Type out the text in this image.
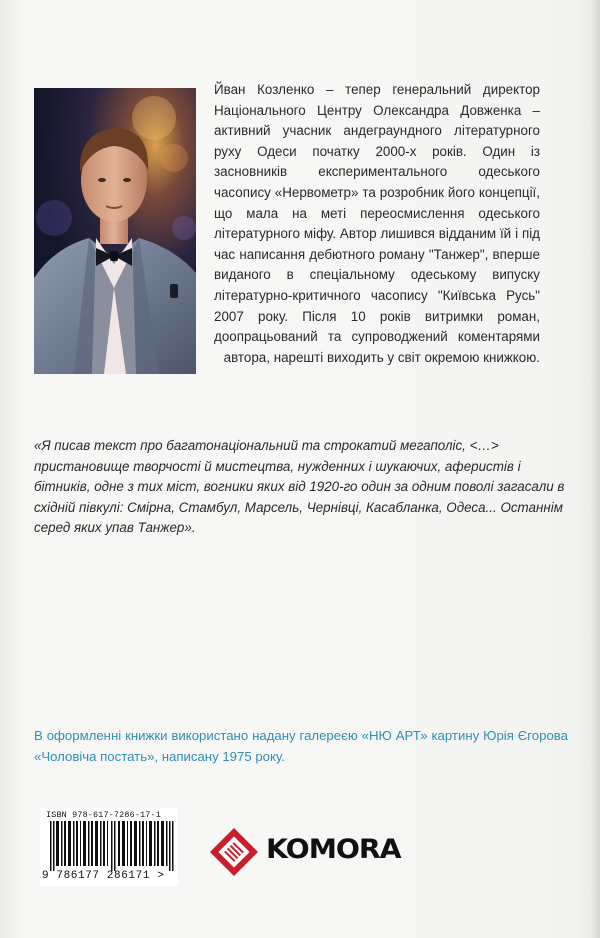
Йван Козленко – тепер генеральний директор Національного Центру Олександра Довженка – активний учасник андеграундного літературного руху Одеси початку 2000-х років. Один із засновників експериментального одеського часопису «Нервометр» та розробник його концепції, що мала на меті переосмислення одеського літературного міфу. Автор лишився відданим їй і під час написання дебютного роману "Танжер", вперше виданого в спеціальному одеському випуску літературно-критичного часопису "Київська Русь" 2007 року. Після 10 років витримки роман, доопрацьований та супроводжений коментарями автора, нарешті виходить у світ окремою книжкою.
«Я писав текст про багатонаціональний та строкатий мегаполіс, <…> пристановище творчості й мистецтва, нужденних і шукаючих, аферистів і бітників, одне з тих міст, вогники яких від 1920-го один за одним поволі загасали в східній півкулі: Смірна, Стамбул, Марсель, Чернівці, Касабланка, Одеса... Останнім серед яких упав Танжер».
В оформленні книжки використано надану галереєю «НЮ АРТ» картину Юрія Єгорова «Чоловіча постать», написану 1975 року.
ISBN 978-617-7286-17-1
9 786177 286171 >
KOMORA
